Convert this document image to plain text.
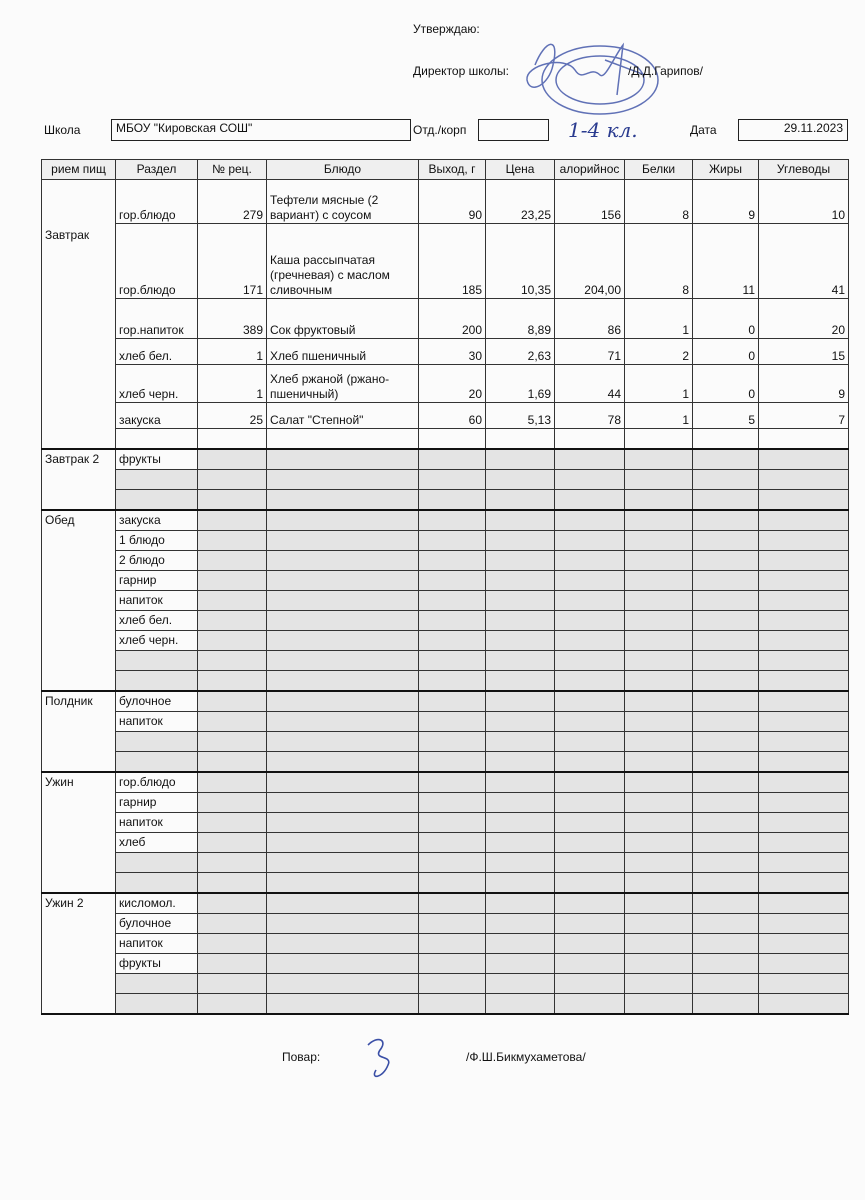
Утверждаю:
Директор школы:	/Д.Д.Гарипов/
Школа	МБОУ "Кировская СОШ"	Отд./корп	1-4 кл.	Дата	29.11.2023
рием пищ	Раздел	№ рец.	Блюдо	Выход, г	Цена	алорийнос	Белки	Жиры	Углеводы
Завтрак	гор.блюдо	279	Тефтели мясные (2 вариант) с соусом	90	23,25	156	8	9	10
	гор.блюдо	171	Каша рассыпчатая (гречневая) с маслом сливочным	185	10,35	204,00	8	11	41
	гор.напиток	389	Сок фруктовый	200	8,89	86	1	0	20
	хлеб бел.	1	Хлеб пшеничный	30	2,63	71	2	0	15
	хлеб черн.	1	Хлеб ржаной (ржано-пшеничный)	20	1,69	44	1	0	9
	закуска	25	Салат "Степной"	60	5,13	78	1	5	7

Завтрак 2	фрукты								

Обед	закуска								
	1 блюдо								
	2 блюдо								
	гарнир								
	напиток								
	хлеб бел.								
	хлеб черн.								

Полдник	булочное								
	напиток								

Ужин	гор.блюдо								
	гарнир								
	напиток								
	хлеб								

Ужин 2	кисломол.								
	булочное								
	напиток								
	фрукты								

Повар:	/Ф.Ш.Бикмухаметова/
